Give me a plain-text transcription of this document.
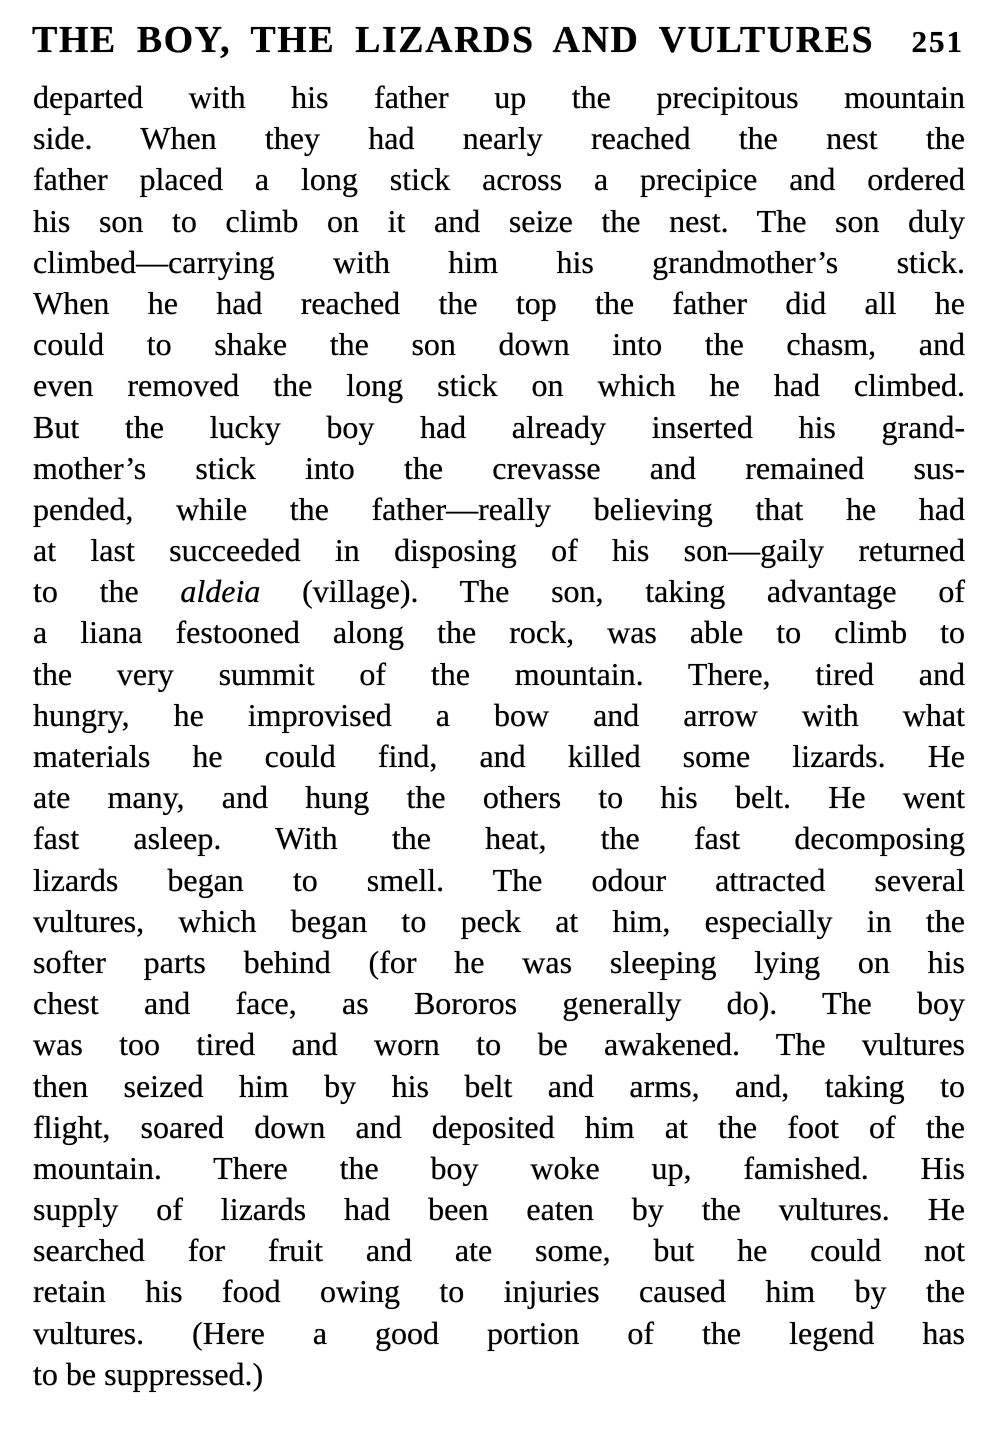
THE BOY, THE LIZARDS AND VULTURES 251
departed with his father up the precipitous mountain
side. When they had nearly reached the nest the
father placed a long stick across a precipice and ordered
his son to climb on it and seize the nest. The son duly
climbed—carrying with him his grandmother’s stick.
When he had reached the top the father did all he
could to shake the son down into the chasm, and
even removed the long stick on which he had climbed.
But the lucky boy had already inserted his grand-
mother’s stick into the crevasse and remained sus-
pended, while the father—really believing that he had
at last succeeded in disposing of his son—gaily returned
to the aldeia (village). The son, taking advantage of
a liana festooned along the rock, was able to climb to
the very summit of the mountain. There, tired and
hungry, he improvised a bow and arrow with what
materials he could find, and killed some lizards. He
ate many, and hung the others to his belt. He went
fast asleep. With the heat, the fast decomposing
lizards began to smell. The odour attracted several
vultures, which began to peck at him, especially in the
softer parts behind (for he was sleeping lying on his
chest and face, as Bororos generally do). The boy
was too tired and worn to be awakened. The vultures
then seized him by his belt and arms, and, taking to
flight, soared down and deposited him at the foot of the
mountain. There the boy woke up, famished. His
supply of lizards had been eaten by the vultures. He
searched for fruit and ate some, but he could not
retain his food owing to injuries caused him by the
vultures. (Here a good portion of the legend has
to be suppressed.)
